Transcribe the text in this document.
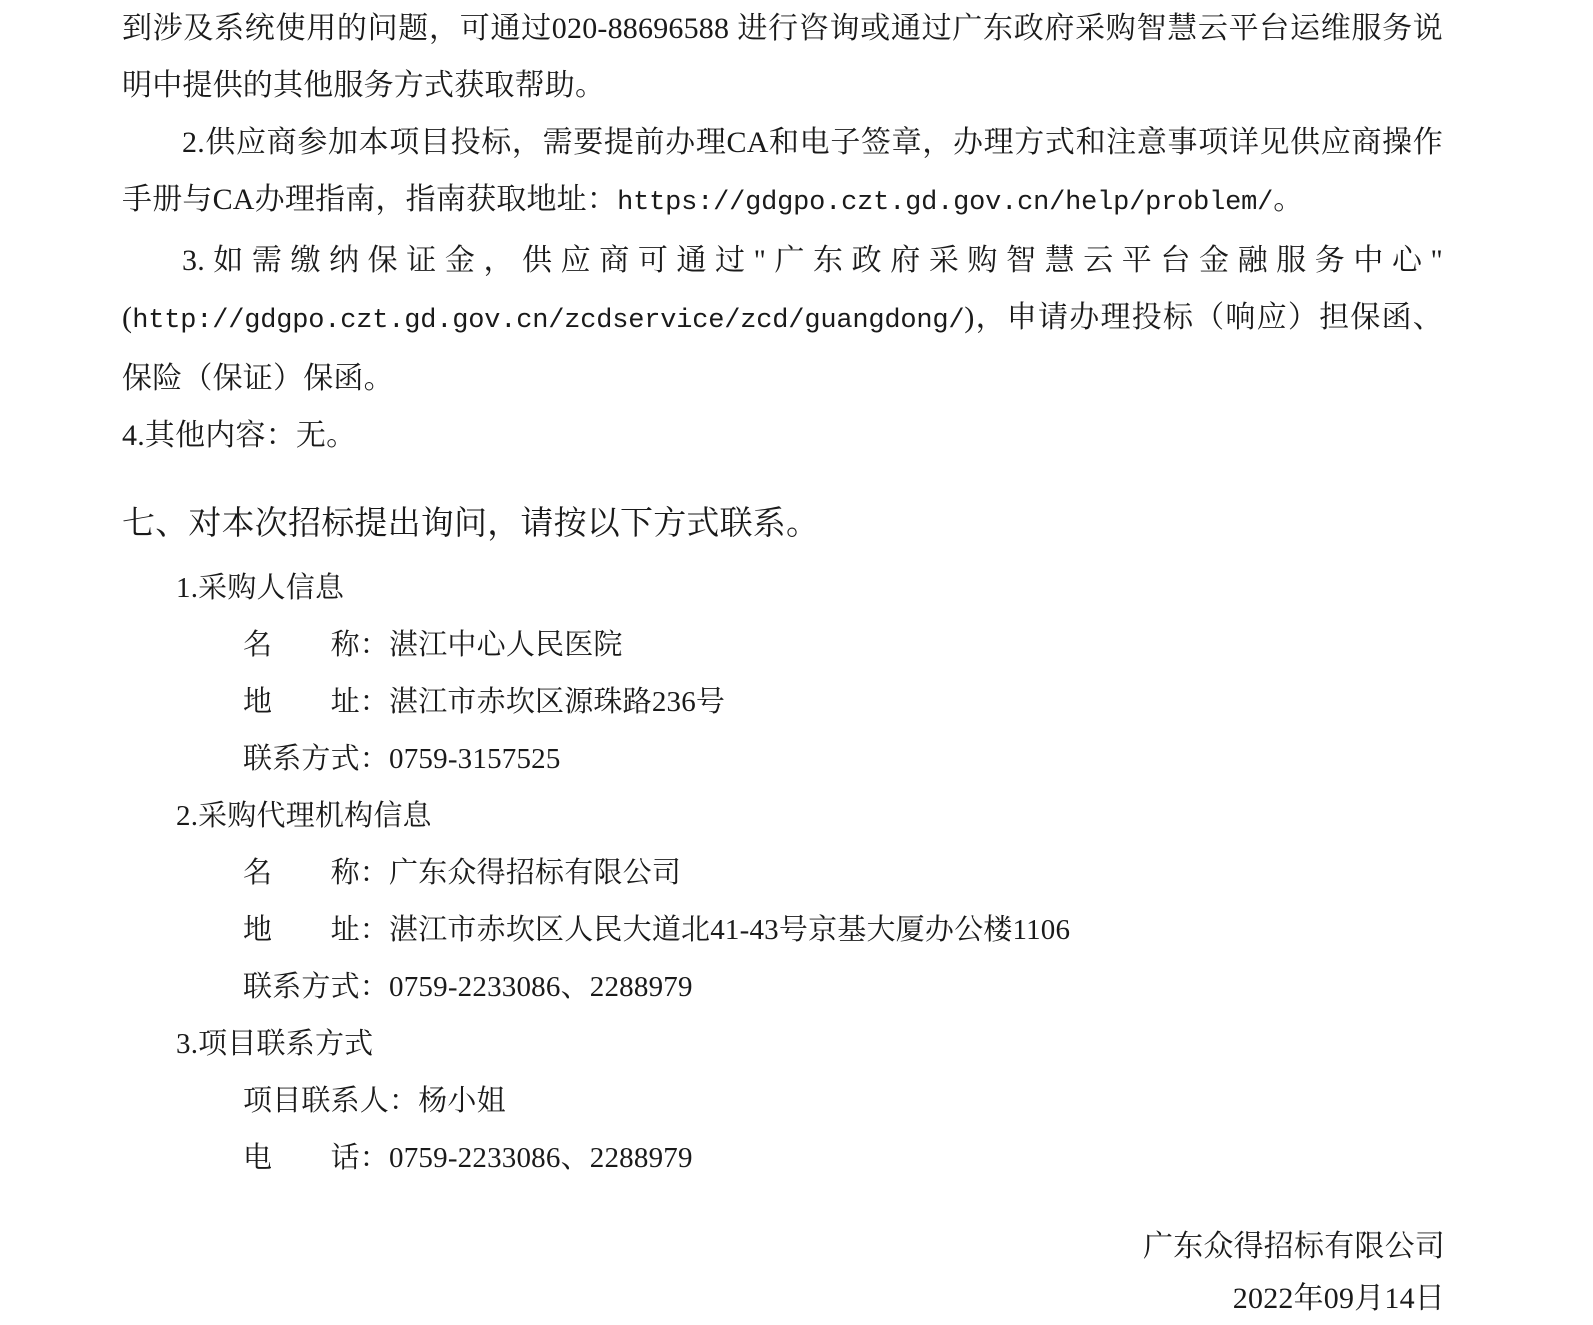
到涉及系统使用的问题，可通过020-88696588 进行咨询或通过广东政府采购智慧云平台运维服务说明中提供的其他服务方式获取帮助。

2.供应商参加本项目投标，需要提前办理CA和电子签章，办理方式和注意事项详见供应商操作手册与CA办理指南，指南获取地址：https://gdgpo.czt.gd.gov.cn/help/problem/。

3.如需缴纳保证金，供应商可通过"广东政府采购智慧云平台金融服务中心"(http://gdgpo.czt.gd.gov.cn/zcdservice/zcd/guangdong/)，申请办理投标（响应）担保函、保险（保证）保函。

4.其他内容：无。

七、对本次招标提出询问，请按以下方式联系。
1.采购人信息
名　　称：湛江中心人民医院
地　　址：湛江市赤坎区源珠路236号
联系方式：0759-3157525
2.采购代理机构信息
名　　称：广东众得招标有限公司
地　　址：湛江市赤坎区人民大道北41-43号京基大厦办公楼1106
联系方式：0759-2233086、2288979
3.项目联系方式
项目联系人：杨小姐
电　　话：0759-2233086、2288979
广东众得招标有限公司
2022年09月14日
